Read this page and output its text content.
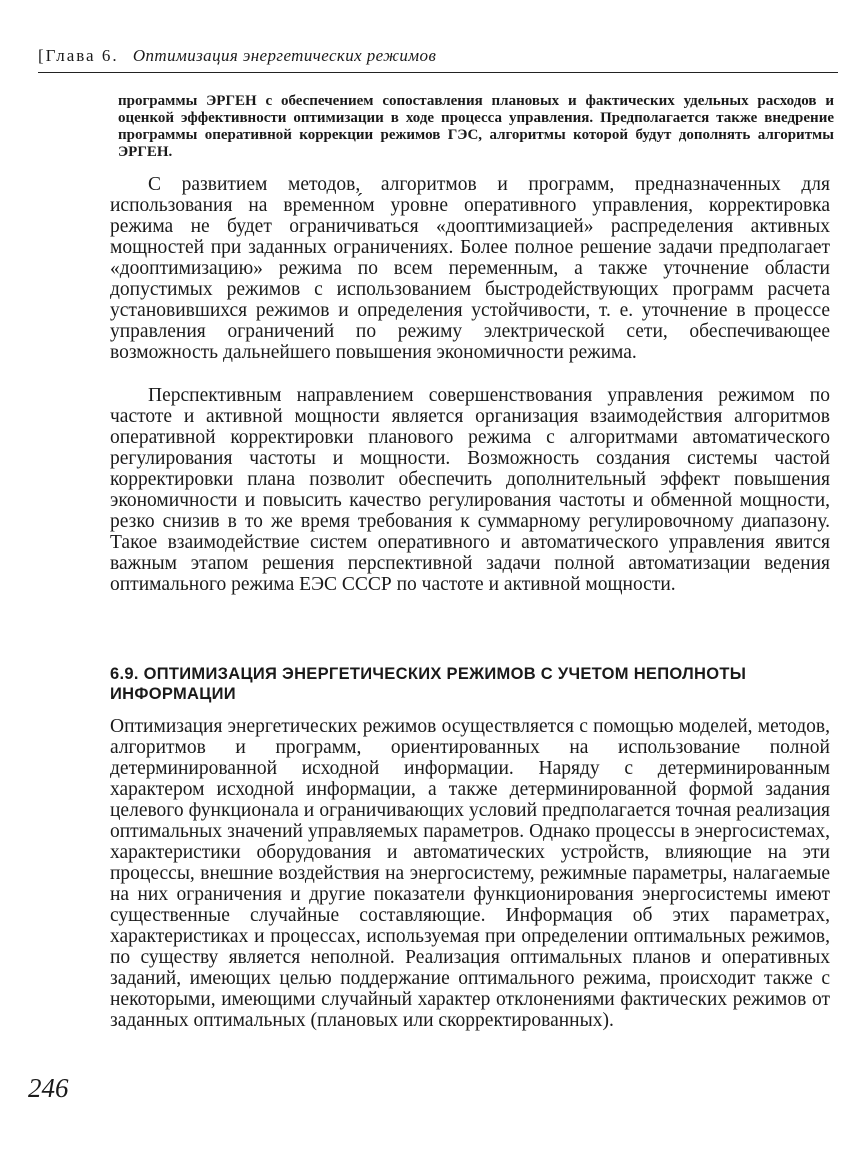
[Глава 6. Оптимизация энергетических режимов

программы ЭРГЕН с обеспечением сопоставления плановых и фактических удельных расходов и оценкой эффективности оптимизации в ходе процесса управления. Предполагается также внедрение программы оперативной коррекции режимов ГЭС, алгоритмы которой будут дополнять алгоритмы ЭРГЕН.

С развитием методов, алгоритмов и программ, предназначенных для использования на временно́м уровне оперативного управления, корректировка режима не будет ограничиваться «дооптимизацией» распределения активных мощностей при заданных ограничениях. Более полное решение задачи предполагает «дооптимизацию» режима по всем переменным, а также уточнение области допустимых режимов с использованием быстродействующих программ расчета установившихся режимов и определения устойчивости, т. е. уточнение в процессе управления ограничений по режиму электрической сети, обеспечивающее возможность дальнейшего повышения экономичности режима.

Перспективным направлением совершенствования управления режимом по частоте и активной мощности является организация взаимодействия алгоритмов оперативной корректировки планового режима с алгоритмами автоматического регулирования частоты и мощности. Возможность создания системы частой корректировки плана позволит обеспечить дополнительный эффект повышения экономичности и повысить качество регулирования частоты и обменной мощности, резко снизив в то же время требования к суммарному регулировочному диапазону. Такое взаимодействие систем оперативного и автоматического управления явится важным этапом решения перспективной задачи полной автоматизации ведения оптимального режима ЕЭС СССР по частоте и активной мощности.

6.9. ОПТИМИЗАЦИЯ ЭНЕРГЕТИЧЕСКИХ РЕЖИМОВ С УЧЕТОМ НЕПОЛНОТЫ ИНФОРМАЦИИ

Оптимизация энергетических режимов осуществляется с помощью моделей, методов, алгоритмов и программ, ориентированных на использование полной детерминированной исходной информации. Наряду с детерминированным характером исходной информации, а также детерминированной формой задания целевого функционала и ограничивающих условий предполагается точная реализация оптимальных значений управляемых параметров. Однако процессы в энергосистемах, характеристики оборудования и автоматических устройств, влияющие на эти процессы, внешние воздействия на энергосистему, режимные параметры, налагаемые на них ограничения и другие показатели функционирования энергосистемы имеют существенные случайные составляющие. Информация об этих параметрах, характеристиках и процессах, используемая при определении оптимальных режимов, по существу является неполной. Реализация оптимальных планов и оперативных заданий, имеющих целью поддержание оптимального режима, происходит также с некоторыми, имеющими случайный характер отклонениями фактических режимов от заданных оптимальных (плановых или скорректированных).

246
